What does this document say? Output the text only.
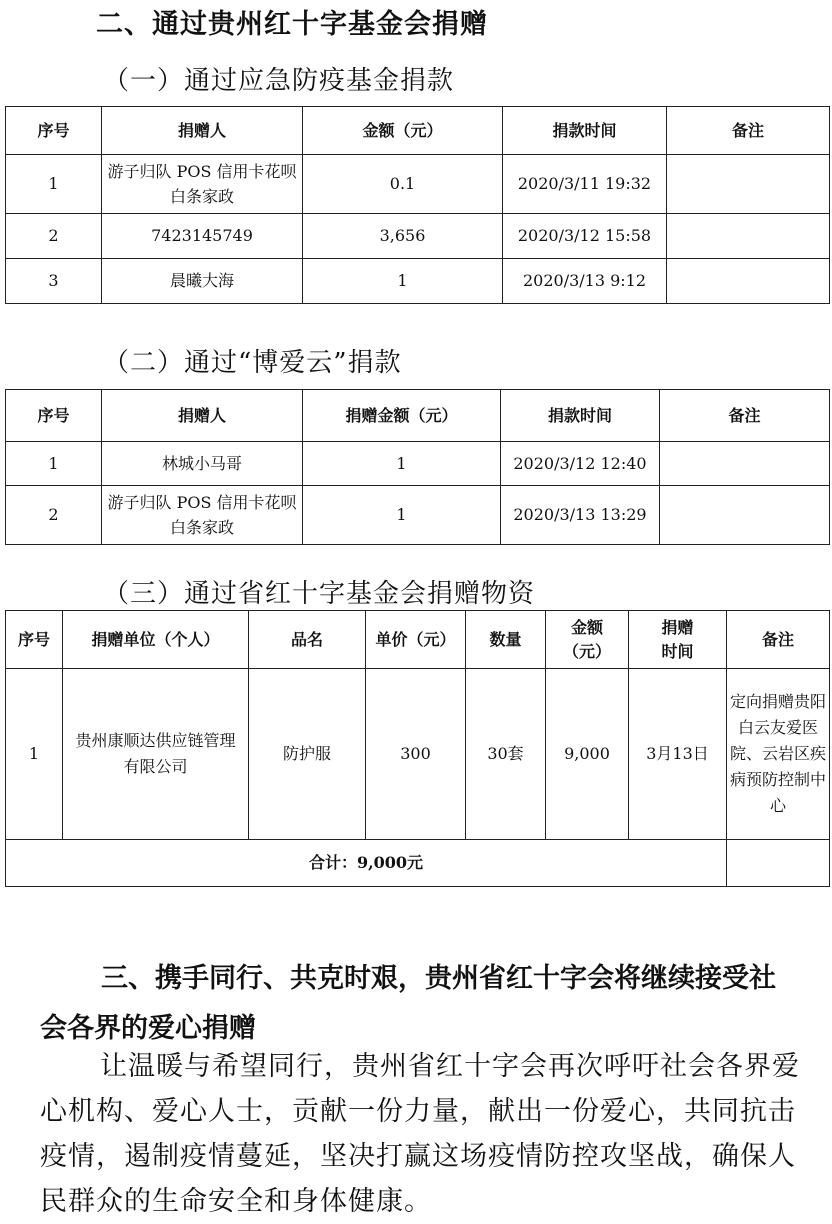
二、通过贵州红十字基金会捐赠
（一）通过应急防疫基金捐款
序号	捐赠人	金额（元）	捐款时间	备注
1	游子归队 POS 信用卡花呗白条家政	0.1	2020/3/11 19:32	
2	7423145749	3,656	2020/3/12 15:58	
3	晨曦大海	1	2020/3/13 9:12	
（二）通过“博爱云”捐款
序号	捐赠人	捐赠金额（元）	捐款时间	备注
1	林城小马哥	1	2020/3/12 12:40	
2	游子归队 POS 信用卡花呗白条家政	1	2020/3/13 13:29	
（三）通过省红十字基金会捐赠物资
序号	捐赠单位（个人）	品名	单价（元）	数量	金额（元）	捐赠时间	备注
1	贵州康顺达供应链管理有限公司	防护服	300	30套	9,000	3月13日	定向捐赠贵阳白云友爱医院、云岩区疾病预防控制中心
合计：9,000元							
三、携手同行、共克时艰，贵州省红十字会将继续接受社会各界的爱心捐赠
让温暖与希望同行，贵州省红十字会再次呼吁社会各界爱心机构、爱心人士，贡献一份力量，献出一份爱心，共同抗击疫情，遏制疫情蔓延，坚决打赢这场疫情防控攻坚战，确保人民群众的生命安全和身体健康。
